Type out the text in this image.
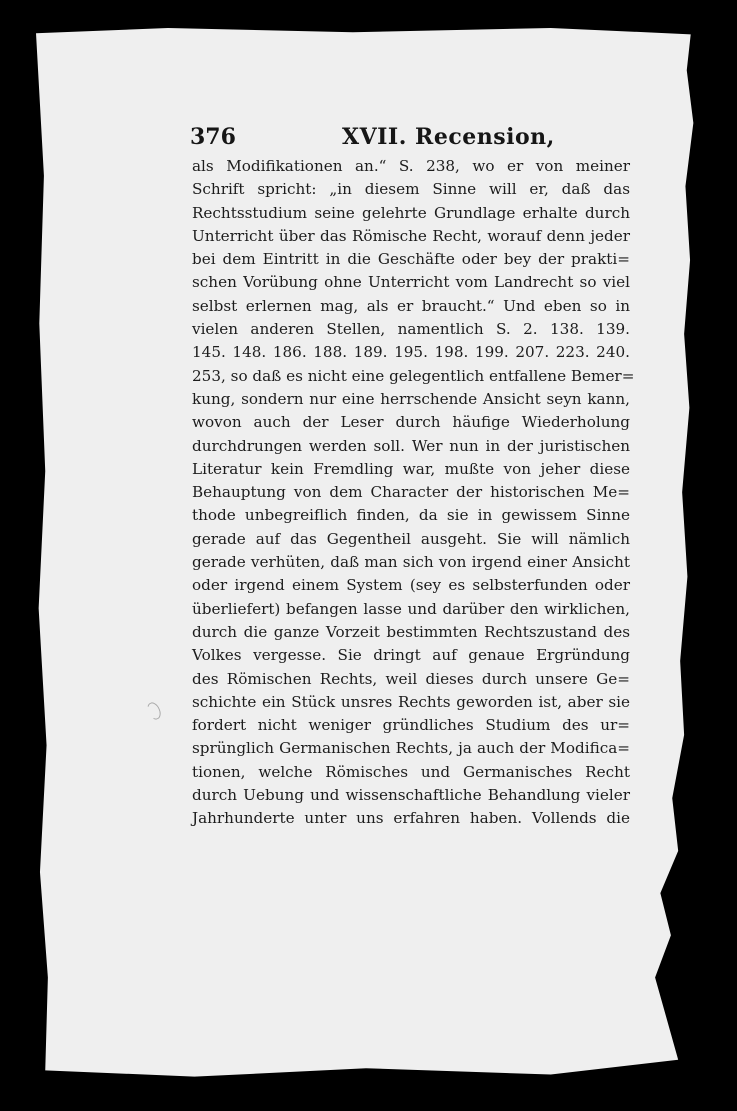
376	XVII. Recension,
als Modifikationen an.“ S. 238, wo er von meiner
Schrift spricht: „in diesem Sinne will er, daß das
Rechtsstudium seine gelehrte Grundlage erhalte durch
Unterricht über das Römische Recht, worauf denn jeder
bei dem Eintritt in die Geschäfte oder bey der prakti=
schen Vorübung ohne Unterricht vom Landrecht so viel
selbst erlernen mag, als er braucht.“ Und eben so in
vielen anderen Stellen, namentlich S. 2. 138. 139.
145. 148. 186. 188. 189. 195. 198. 199. 207. 223. 240.
253, so daß es nicht eine gelegentlich entfallene Bemer=
kung, sondern nur eine herrschende Ansicht seyn kann,
wovon auch der Leser durch häufige Wiederholung
durchdrungen werden soll. Wer nun in der juristischen
Literatur kein Fremdling war, mußte von jeher diese
Behauptung von dem Character der historischen Me=
thode unbegreiflich finden, da sie in gewissem Sinne
gerade auf das Gegentheil ausgeht. Sie will nämlich
gerade verhüten, daß man sich von irgend einer Ansicht
oder irgend einem System (sey es selbsterfunden oder
überliefert) befangen lasse und darüber den wirklichen,
durch die ganze Vorzeit bestimmten Rechtszustand des
Volkes vergesse. Sie dringt auf genaue Ergründung
des Römischen Rechts, weil dieses durch unsere Ge=
schichte ein Stück unsres Rechts geworden ist, aber sie
fordert nicht weniger gründliches Studium des ur=
sprünglich Germanischen Rechts, ja auch der Modifica=
tionen, welche Römisches und Germanisches Recht
durch Uebung und wissenschaftliche Behandlung vieler
Jahrhunderte unter uns erfahren haben. Vollends die
